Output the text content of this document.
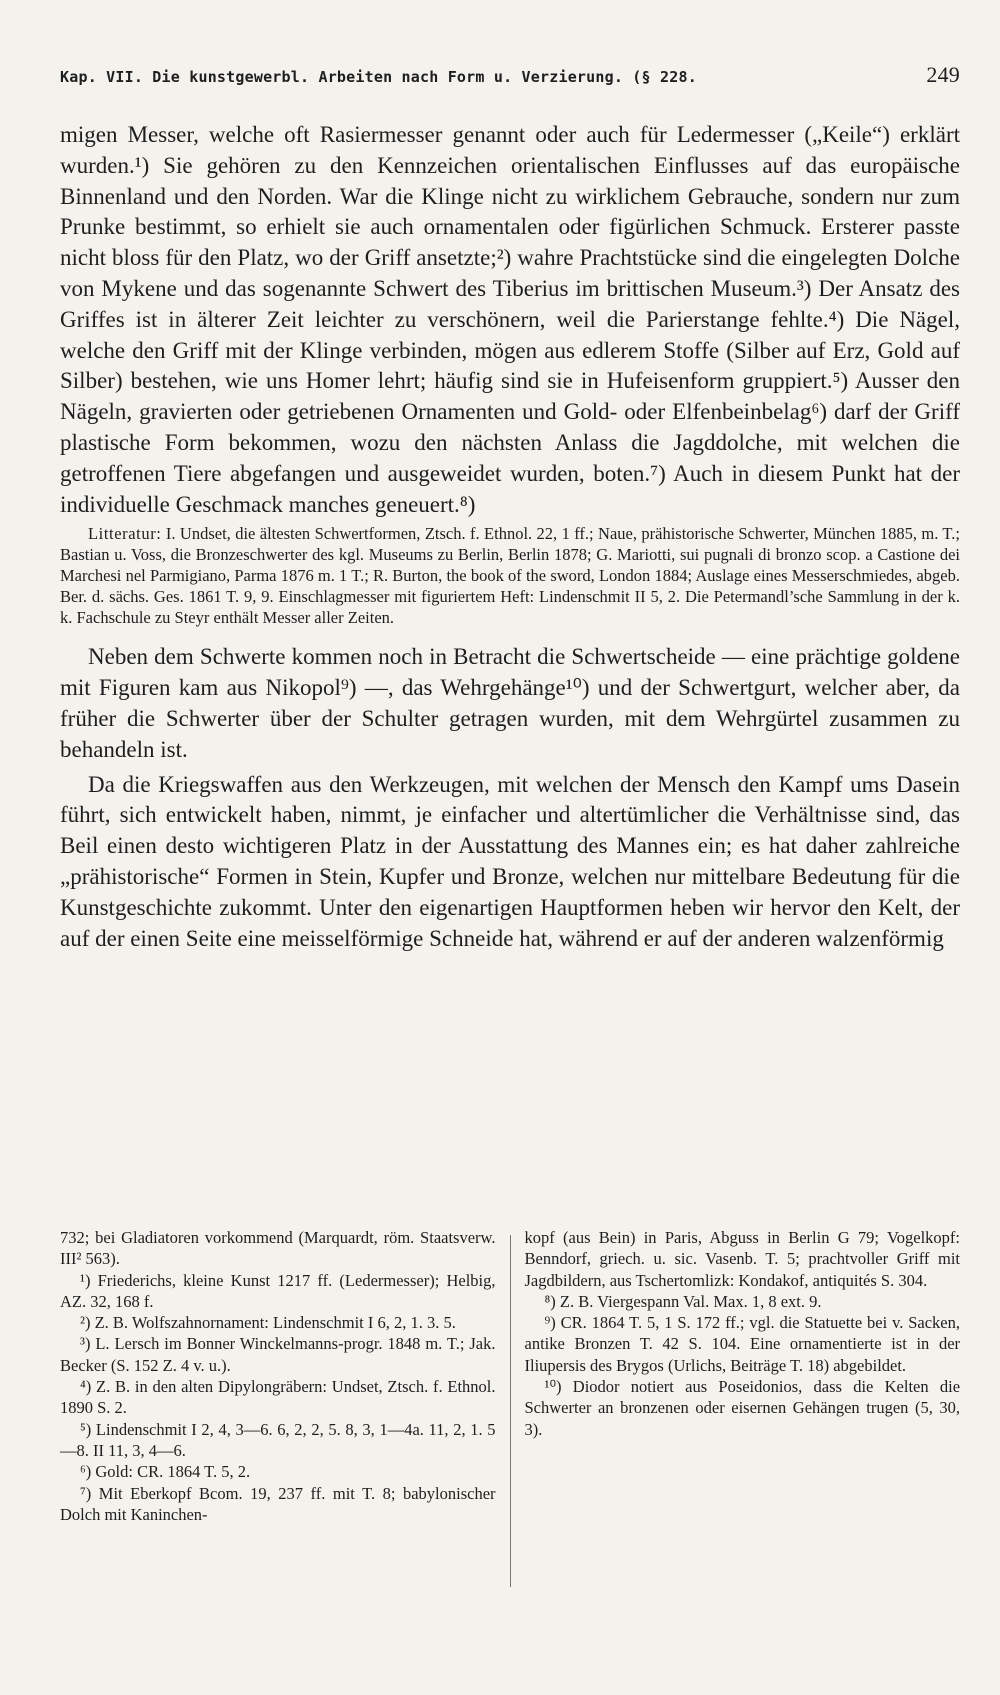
Kap. VII. Die kunstgewerbl. Arbeiten nach Form u. Verzierung. (§ 228.	249

migen Messer, welche oft Rasiermesser genannt oder auch für Ledermesser („Keile“) erklärt wurden.¹) Sie gehören zu den Kennzeichen orientalischen Einflusses auf das europäische Binnenland und den Norden. War die Klinge nicht zu wirklichem Gebrauche, sondern nur zum Prunke bestimmt, so erhielt sie auch ornamentalen oder figürlichen Schmuck. Ersterer passte nicht bloss für den Platz, wo der Griff ansetzte;²) wahre Prachtstücke sind die eingelegten Dolche von Mykene und das sogenannte Schwert des Tiberius im brittischen Museum.³) Der Ansatz des Griffes ist in älterer Zeit leichter zu verschönern, weil die Parierstange fehlte.⁴) Die Nägel, welche den Griff mit der Klinge verbinden, mögen aus edlerem Stoffe (Silber auf Erz, Gold auf Silber) bestehen, wie uns Homer lehrt; häufig sind sie in Hufeisenform gruppiert.⁵) Ausser den Nägeln, gravierten oder getriebenen Ornamenten und Gold- oder Elfenbeinbelag⁶) darf der Griff plastische Form bekommen, wozu den nächsten Anlass die Jagddolche, mit welchen die getroffenen Tiere abgefangen und ausgeweidet wurden, boten.⁷) Auch in diesem Punkt hat der individuelle Geschmack manches geneuert.⁸)

Litteratur: I. Undset, die ältesten Schwertformen, Ztsch. f. Ethnol. 22, 1 ff.; Naue, prähistorische Schwerter, München 1885, m. T.; Bastian u. Voss, die Bronzeschwerter des kgl. Museums zu Berlin, Berlin 1878; G. Mariotti, sui pugnali di bronzo scop. a Castione dei Marchesi nel Parmigiano, Parma 1876 m. 1 T.; R. Burton, the book of the sword, London 1884; Auslage eines Messerschmiedes, abgeb. Ber. d. sächs. Ges. 1861 T. 9, 9. Einschlagmesser mit figuriertem Heft: Lindenschmit II 5, 2. Die Petermandl’sche Sammlung in der k. k. Fachschule zu Steyr enthält Messer aller Zeiten.

Neben dem Schwerte kommen noch in Betracht die Schwertscheide — eine prächtige goldene mit Figuren kam aus Nikopol⁹) —, das Wehrgehänge¹⁰) und der Schwertgurt, welcher aber, da früher die Schwerter über der Schulter getragen wurden, mit dem Wehrgürtel zusammen zu behandeln ist.

Da die Kriegswaffen aus den Werkzeugen, mit welchen der Mensch den Kampf ums Dasein führt, sich entwickelt haben, nimmt, je einfacher und altertümlicher die Verhältnisse sind, das Beil einen desto wichtigeren Platz in der Ausstattung des Mannes ein; es hat daher zahlreiche „prähistorische“ Formen in Stein, Kupfer und Bronze, welchen nur mittelbare Bedeutung für die Kunstgeschichte zukommt. Unter den eigenartigen Hauptformen heben wir hervor den Kelt, der auf der einen Seite eine meisselförmige Schneide hat, während er auf der anderen walzenförmig

732; bei Gladiatoren vorkommend (Marquardt, röm. Staatsverw. III² 563).

¹) Friederichs, kleine Kunst 1217 ff. (Ledermesser); Helbig, AZ. 32, 168 f.

²) Z. B. Wolfszahnornament: Lindenschmit I 6, 2, 1. 3. 5.

³) L. Lersch im Bonner Winckelmanns-progr. 1848 m. T.; Jak. Becker (S. 152 Z. 4 v. u.).

⁴) Z. B. in den alten Dipylongräbern: Undset, Ztsch. f. Ethnol. 1890 S. 2.

⁵) Lindenschmit I 2, 4, 3—6. 6, 2, 2, 5. 8, 3, 1—4a. 11, 2, 1. 5—8. II 11, 3, 4—6.

⁶) Gold: CR. 1864 T. 5, 2.

⁷) Mit Eberkopf Bcom. 19, 237 ff. mit T. 8; babylonischer Dolch mit Kaninchen-

kopf (aus Bein) in Paris, Abguss in Berlin G 79; Vogelkopf: Benndorf, griech. u. sic. Vasenb. T. 5; prachtvoller Griff mit Jagdbildern, aus Tschertomlizk: Kondakof, antiquités S. 304.

⁸) Z. B. Viergespann Val. Max. 1, 8 ext. 9.

⁹) CR. 1864 T. 5, 1 S. 172 ff.; vgl. die Statuette bei v. Sacken, antike Bronzen T. 42 S. 104. Eine ornamentierte ist in der Iliupersis des Brygos (Urlichs, Beiträge T. 18) abgebildet.

¹⁰) Diodor notiert aus Poseidonios, dass die Kelten die Schwerter an bronzenen oder eisernen Gehängen trugen (5, 30, 3).
